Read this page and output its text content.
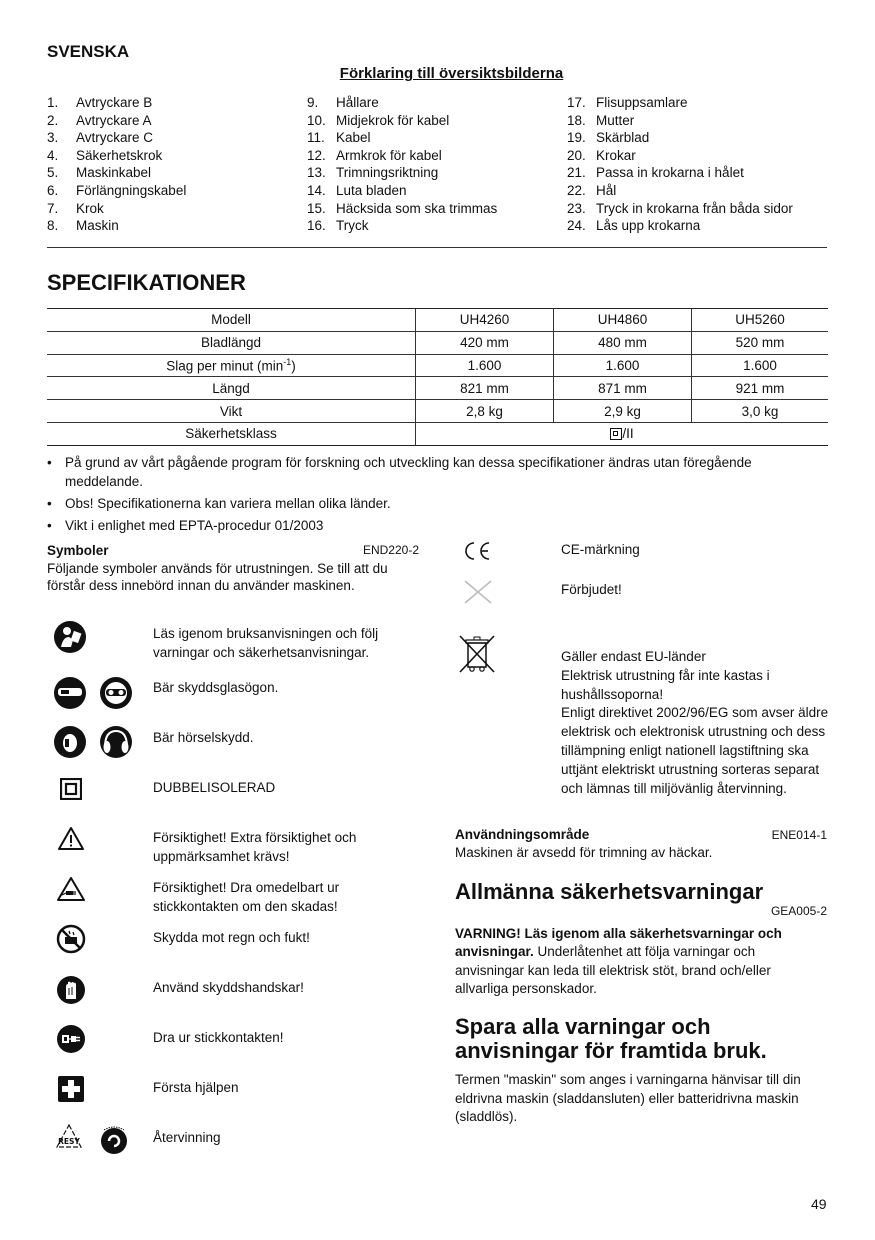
SVENSKA
Förklaring till översiktsbilderna
1. Avtryckare B
2. Avtryckare A
3. Avtryckare C
4. Säkerhetskrok
5. Maskinkabel
6. Förlängningskabel
7. Krok
8. Maskin
9. Hållare
10. Midjekrok för kabel
11. Kabel
12. Armkrok för kabel
13. Trimningsriktning
14. Luta bladen
15. Häcksida som ska trimmas
16. Tryck
17. Flisuppsamlare
18. Mutter
19. Skärblad
20. Krokar
21. Passa in krokarna i hålet
22. Hål
23. Tryck in krokarna från båda sidor
24. Lås upp krokarna
SPECIFIKATIONER
Modell	UH4260	UH4860	UH5260
Bladlängd	420 mm	480 mm	520 mm
Slag per minut $(\min^{-1})$	1.600	1.600	1.600
Längd	821 mm	871 mm	921 mm
Vikt	2,8 kg	2,9 kg	3,0 kg
Säkerhetsklass	/II		
• På grund av vårt pågående program för forskning och utveckling kan dessa specifikationer ändras utan föregående meddelande.
• Obs! Specifikationerna kan variera mellan olika länder.
• Vikt i enlighet med EPTA-procedur 01/2003
Symboler	END220-2
Följande symboler används för utrustningen. Se till att du förstår dess innebörd innan du använder maskinen.
Läs igenom bruksanvisningen och följ varningar och säkerhetsanvisningar.
Bär skyddsglasögon.
Bär hörselskydd.
DUBBELISOLERAD
Försiktighet! Extra försiktighet och uppmärksamhet krävs!
Försiktighet! Dra omedelbart ur stickkontakten om den skadas!
Skydda mot regn och fukt!
Använd skyddshandskar!
Dra ur stickkontakten!
Första hjälpen
RESY	Återvinning
CE-märkning
Förbjudet!
Gäller endast EU-länder
Elektrisk utrustning får inte kastas i hushållssoporna!
Enligt direktivet 2002/96/EG som avser äldre elektrisk och elektronisk utrustning och dess tillämpning enligt nationell lagstiftning ska uttjänt elektriskt utrustning sorteras separat och lämnas till miljövänlig återvinning.
Användningsområde	ENE014-1
Maskinen är avsedd för trimning av häckar.
Allmänna säkerhetsvarningar
GEA005-2
VARNING! Läs igenom alla säkerhetsvarningar och anvisningar. Underlåtenhet att följa varningar och anvisningar kan leda till elektrisk stöt, brand och/eller allvarliga personskador.
Spara alla varningar och anvisningar för framtida bruk.
Termen "maskin" som anges i varningarna hänvisar till din eldrivna maskin (sladdansluten) eller batteridrivna maskin (sladdlös).
49
